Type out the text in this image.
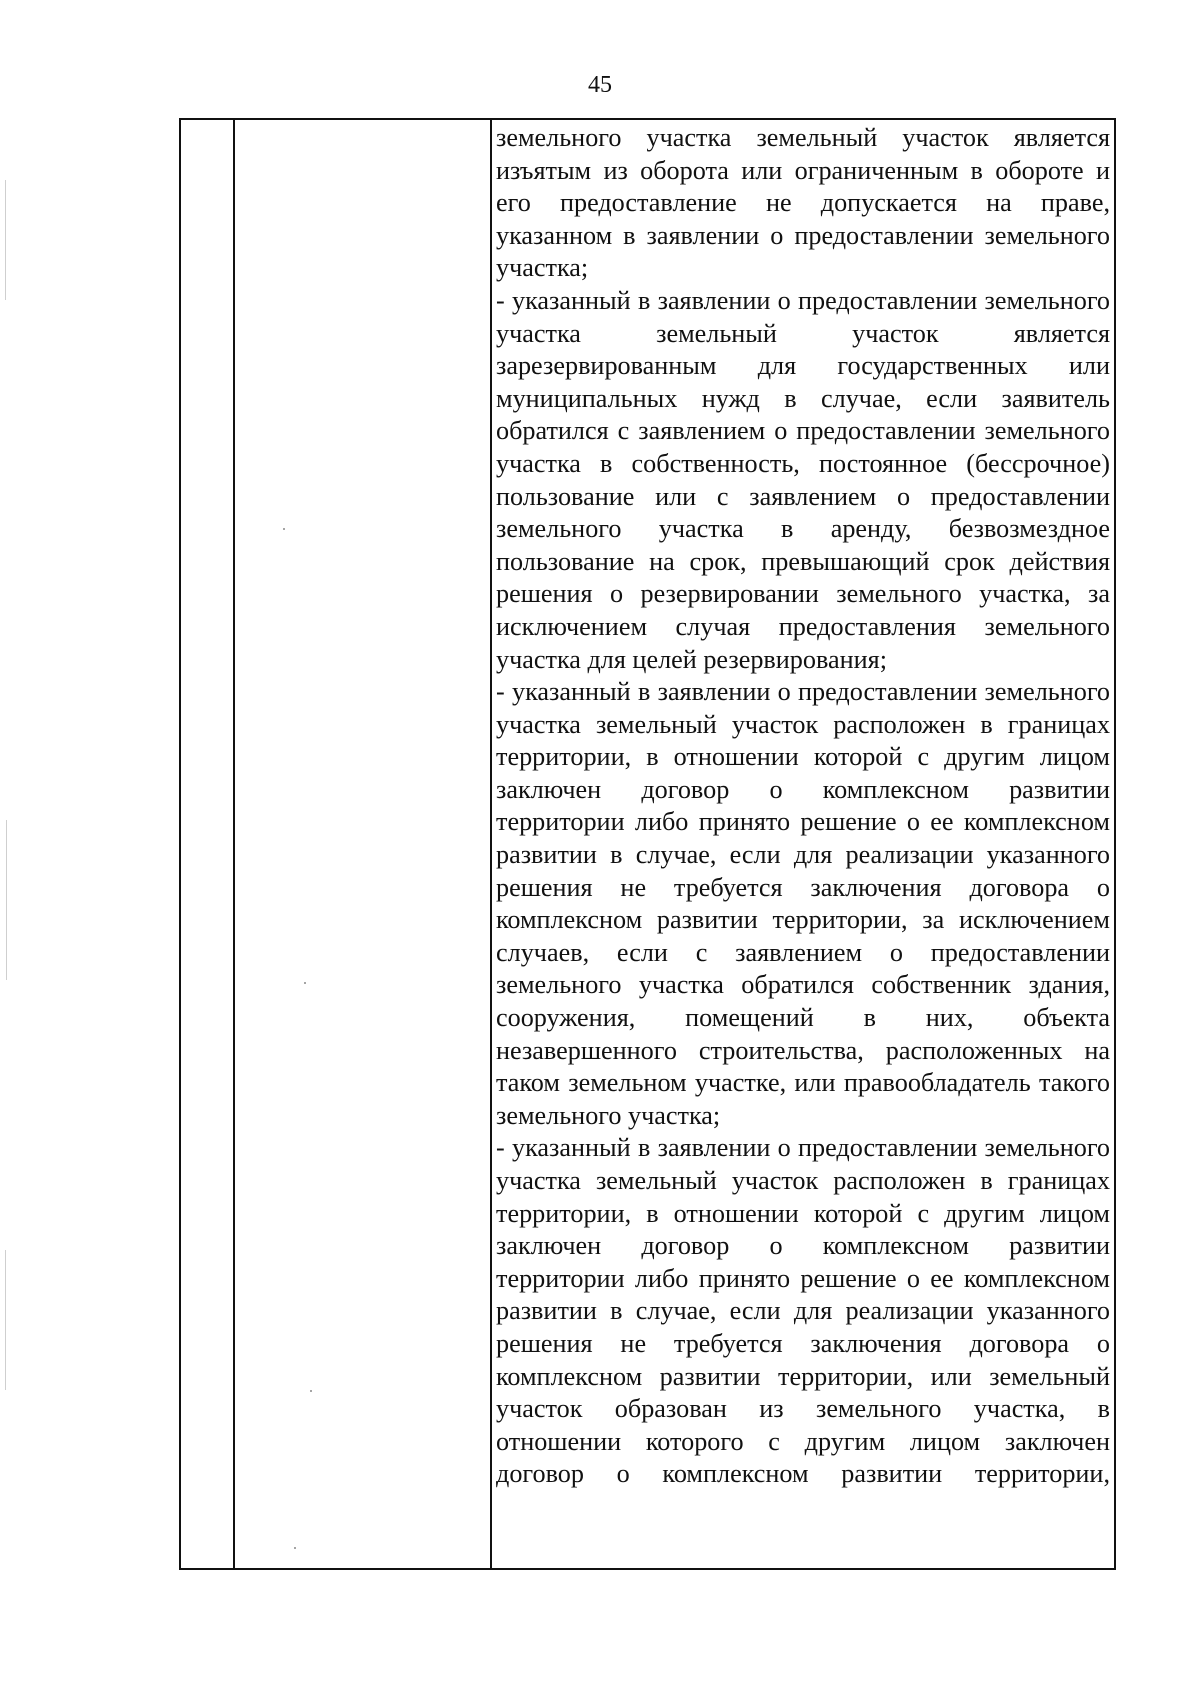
45

земельного участка земельный участок является изъятым из оборота или ограниченным в обороте и его предоставление не допускается на праве, указанном в заявлении о предоставлении земельного участка;

- указанный в заявлении о предоставлении земельного участка земельный участок является зарезервированным для государственных или муниципальных нужд в случае, если заявитель обратился с заявлением о предоставлении земельного участка в собственность, постоянное (бессрочное) пользование или с заявлением о предоставлении земельного участка в аренду, безвозмездное пользование на срок, превышающий срок действия решения о резервировании земельного участка, за исключением случая предоставления земельного участка для целей резервирования;

- указанный в заявлении о предоставлении земельного участка земельный участок расположен в границах территории, в отношении которой с другим лицом заключен договор о комплексном развитии территории либо принято решение о ее комплексном развитии в случае, если для реализации указанного решения не требуется заключения договора о комплексном развитии территории, за исключением случаев, если с заявлением о предоставлении земельного участка обратился собственник здания, сооружения, помещений в них, объекта незавершенного строительства, расположенных на таком земельном участке, или правообладатель такого земельного участка;

- указанный в заявлении о предоставлении земельного участка земельный участок расположен в границах территории, в отношении которой с другим лицом заключен договор о комплексном развитии территории либо принято решение о ее комплексном развитии в случае, если для реализации указанного решения не требуется заключения договора о комплексном развитии территории, или земельный участок образован из земельного участка, в отношении которого с другим лицом заключен договор о комплексном развитии территории,
